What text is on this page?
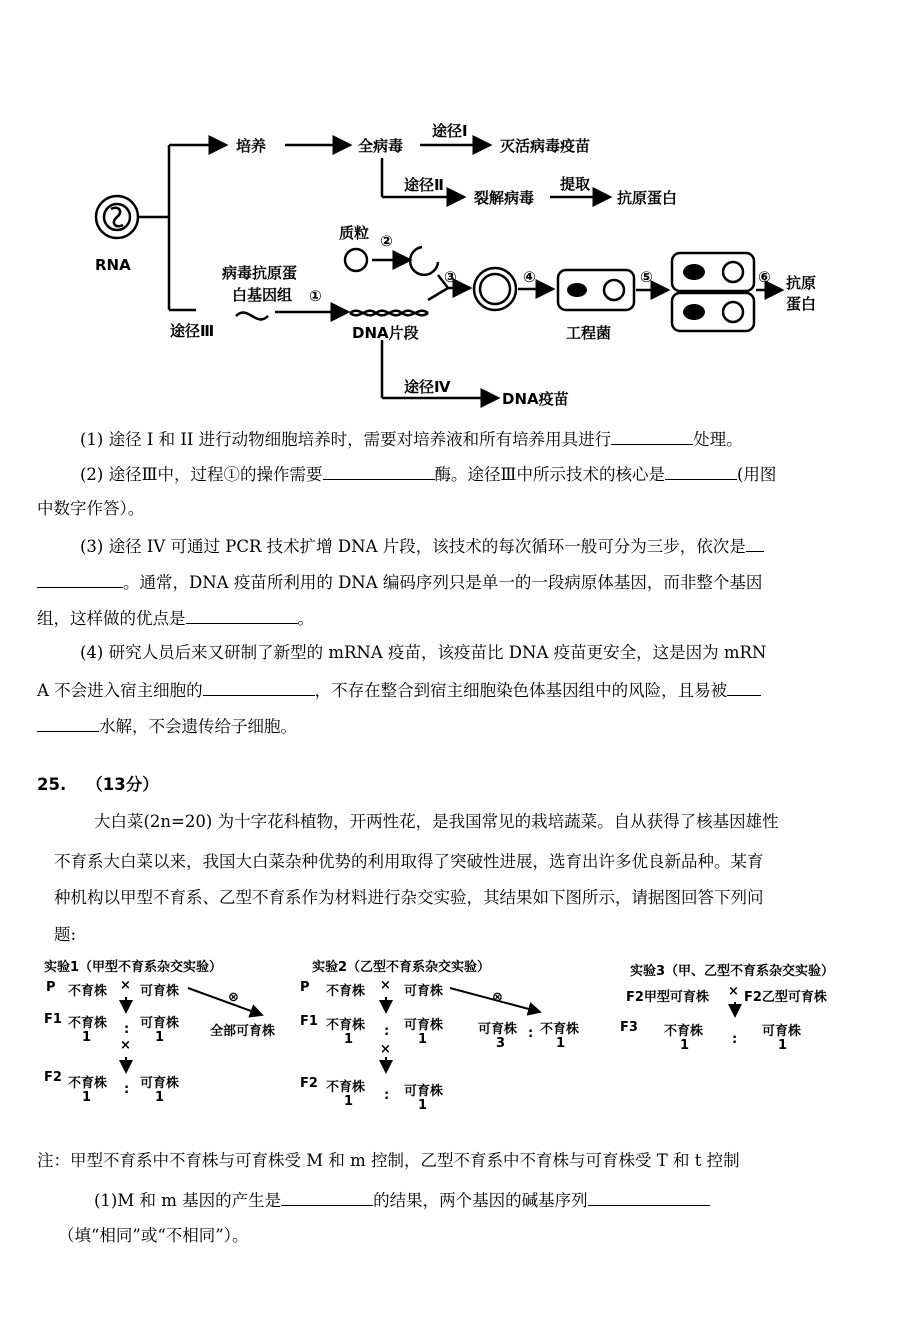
RNA
培养	全病毒
途径Ⅰ
灭活病毒疫苗
途径Ⅱ
裂解病毒
提取
抗原蛋白
质粒 ②
病毒抗原蛋
白基因组 ①
途径Ⅲ	DNA片段
③	④
工程菌
⑤	⑥ 抗原
蛋白
途径Ⅳ
DNA疫苗
(1) 途径 I 和 II 进行动物细胞培养时，需要对培养液和所有培养用具进行	处理。
(2) 途径Ⅲ中，过程①的操作需要	酶。途径Ⅲ中所示技术的核心是	(用图
中数字作答）。
(3) 途径 IV 可通过 PCR 技术扩增 DNA 片段，该技术的每次循环一般可分为三步，依次是
。通常，DNA 疫苗所利用的 DNA 编码序列只是单一的一段病原体基因，而非整个基因
组，这样做的优点是	。
(4) 研究人员后来又研制了新型的 mRNA 疫苗，该疫苗比 DNA 疫苗更安全，这是因为 mRN
A 不会进入宿主细胞的	，不存在整合到宿主细胞染色体基因组中的风险，且易被
水解，不会遗传给子细胞。
25. （13分）
大白菜(2n=20) 为十字花科植物，开两性花，是我国常见的栽培蔬菜。自从获得了核基因雄性
不育系大白菜以来，我国大白菜杂种优势的利用取得了突破性进展，选育出许多优良新品种。某育
种机构以甲型不育系、乙型不育系作为材料进行杂交实验，其结果如下图所示，请据图回答下列问
题:
实验1（甲型不育系杂交实验）
P 不育株 × 可育株	⊗
F1 不育株
1
: 可育株
1	全部可育株
×
F2 不育株
1
: 可育株
1
实验2（乙型不育系杂交实验）
P 不育株 × 可育株	⊗
F1 不育株
1
: 可育株
1
可育株
3
: 不育株
1
×
F2 不育株
1 : 可育株
1
实验3（甲、乙型不育系杂交实验）
F2甲型可育株 × F2乙型可育株
F3 不育株
1	:
可育株
1
注：甲型不育系中不育株与可育株受 M 和 m 控制，乙型不育系中不育株与可育株受 T 和 t 控制
(1)M 和 m 基因的产生是	的结果，两个基因的碱基序列
（填“相同”或“不相同”）。
